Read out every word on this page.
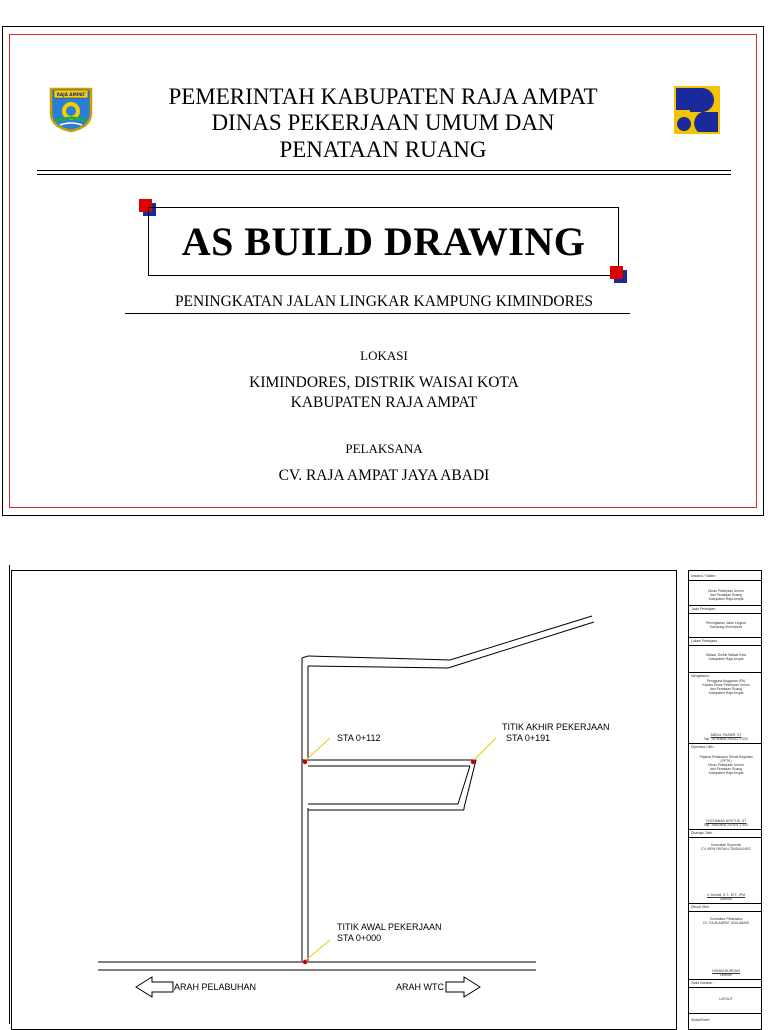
RAJA AMPAT	PEMERINTAH KABUPATEN RAJA AMPAT
DINAS PEKERJAAN UMUM DAN
PENATAAN RUANG
AS BUILD DRAWING
PENINGKATAN JALAN LINGKAR KAMPUNG KIMINDORES
LOKASI
KIMINDORES, DISTRIK WAISAI KOTA
KABUPATEN RAJA AMPAT
PELAKSANA
CV. RAJA AMPAT JAYA ABADI
STA 0+112
TITIK AKHIR PEKERJAAN
STA 0+191
TITIK AWAL PEKERJAAN
STA 0+000
ARAH PELABUHAN	ARAH WTC
Instansi / Satker :
Dinas Pekerjaan Umum
dan Penataan Ruang
Kabupaten Raja Ampat
Judul Pekerjaan :
Peningkatan Jalan Lingkar
Kampung Kimindores
Lokasi Pekerjaan :
Waisai, Distrik Waisai Kota
Kabupaten Raja Ampat
Mengetahui :
Pengguna Anggaran (PA)
Kepala Dinas Pekerjaan Umum
dan Penataan Ruang
Kabupaten Raja Ampat
ABDUL KHABIR, ST
Nip. 19760806 200212 1 003
Diperiksa Oleh :
Pejabat Pelaksana Teknis Kegiatan
(PPTK)
Dinas Pekerjaan Umum
dan Penataan Ruang
Kabupaten Raja Ampat
YOCHANAN NOKTUS, ST
Nip. 19830506 201001 1 003
Disetujui Oleh :
Konsultan Supervisi
CV. AIRN PAPUA CONSULINDO
V. Aronell, S.T., M.T., IPM
Direktur
Dibuat Oleh :
Kontraktor Pelaksana
CV. RAJA AMPAT JAYA ABADI
HONDA BURDAM
Direktur
Judul Gambar :
LAYOUT
Skala/Sheet :
